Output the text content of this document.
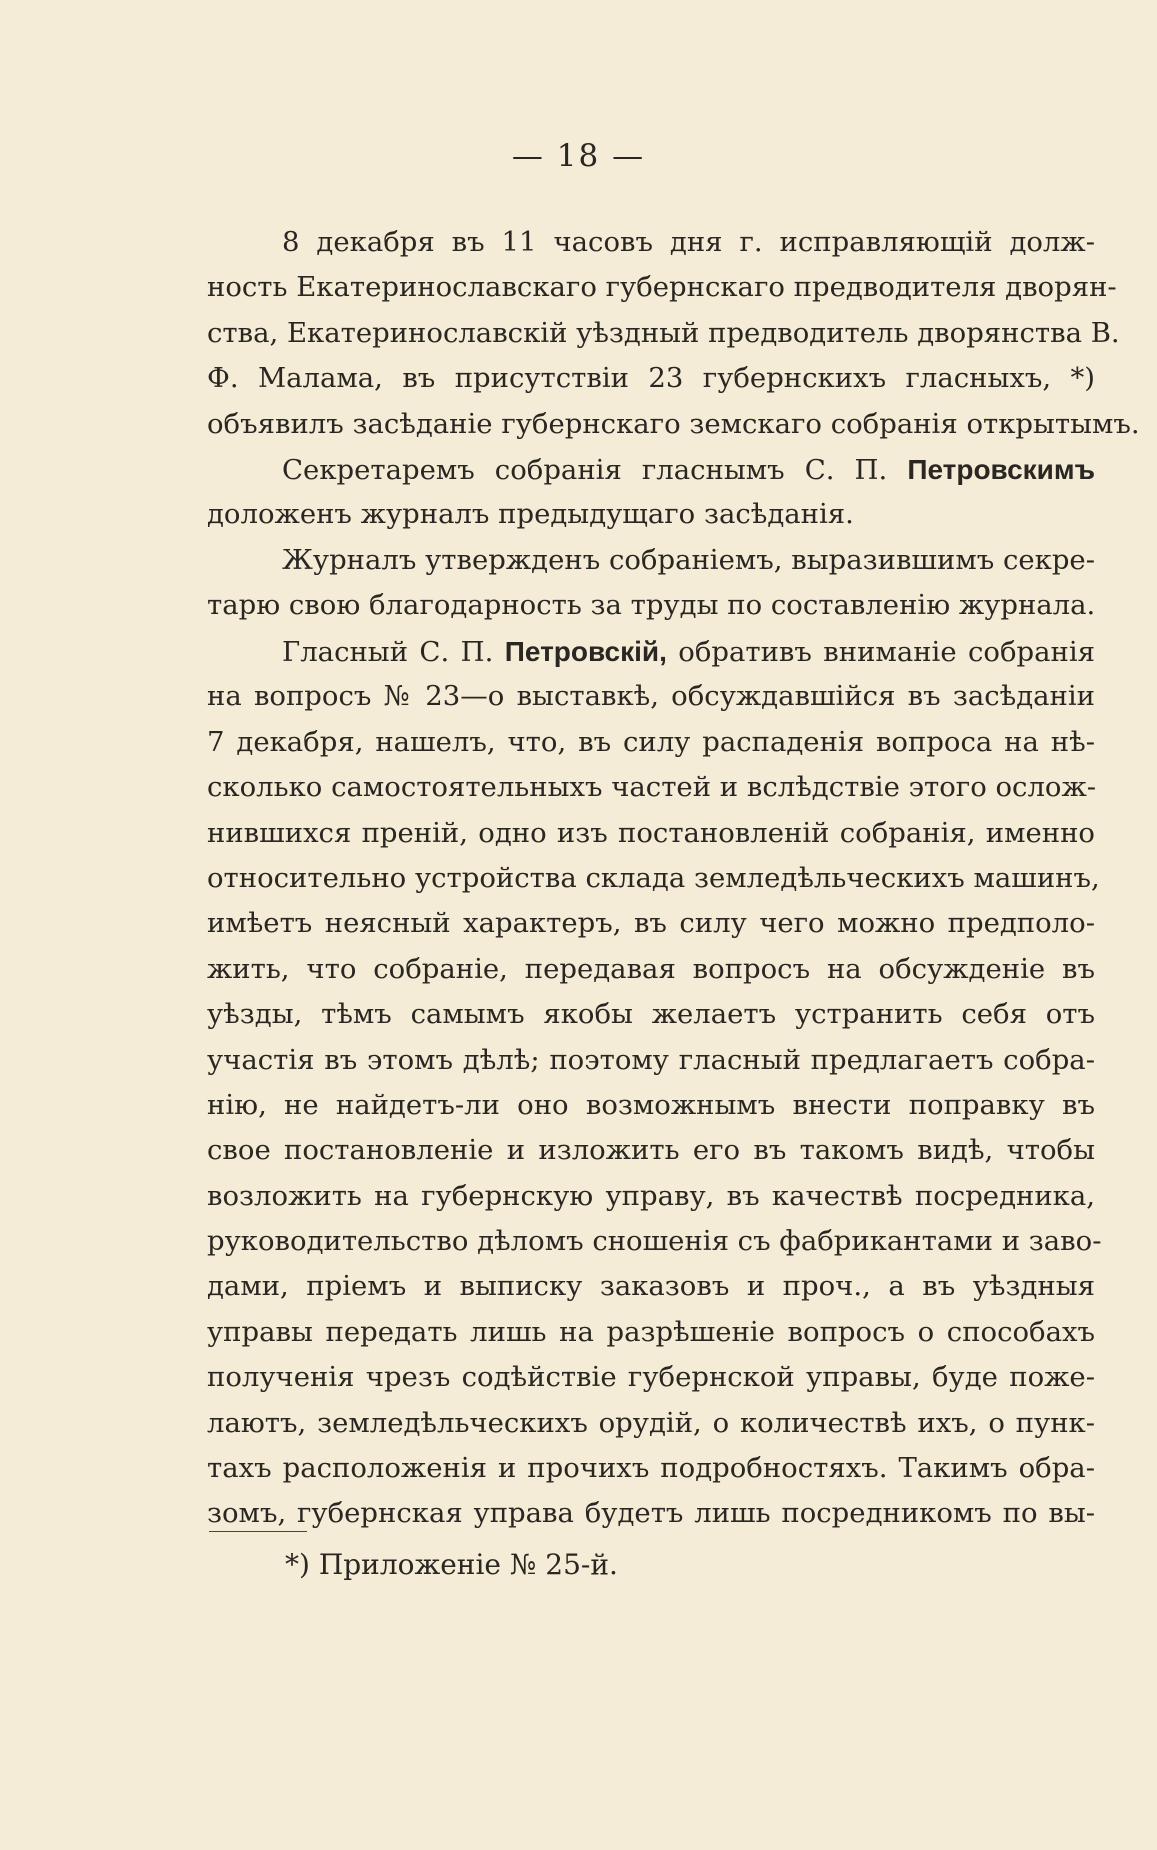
— 18 —
8 декабря въ 11 часовъ дня г. исправляющій долж-
ность Екатеринославскаго губернскаго предводителя дворян-
ства, Екатеринославскій уѣздный предводитель дворянства В.
Ф. Малама, въ присутствіи 23 губернскихъ гласныхъ, *)
объявилъ засѣданіе губернскаго земскаго собранія открытымъ.
Секретаремъ собранія гласнымъ С. П. Петровскимъ
доложенъ журналъ предыдущаго засѣданія.
Журналъ утвержденъ собраніемъ, выразившимъ секре-
тарю свою благодарность за труды по составленію журнала.
Гласный С. П. Петровскій, обративъ вниманіе собранія
на вопросъ № 23—о выставкѣ, обсуждавшійся въ засѣданіи
7 декабря, нашелъ, что, въ силу распаденія вопроса на нѣ-
сколько самостоятельныхъ частей и вслѣдствіе этого ослож-
нившихся преній, одно изъ постановленій собранія, именно
относительно устройства склада земледѣльческихъ машинъ,
имѣетъ неясный характеръ, въ силу чего можно предполо-
жить, что собраніе, передавая вопросъ на обсужденіе въ
уѣзды, тѣмъ самымъ якобы желаетъ устранить себя отъ
участія въ этомъ дѣлѣ; поэтому гласный предлагаетъ собра-
нію, не найдетъ-ли оно возможнымъ внести поправку въ
свое постановленіе и изложить его въ такомъ видѣ, чтобы
возложить на губернскую управу, въ качествѣ посредника,
руководительство дѣломъ сношенія съ фабрикантами и заво-
дами, пріемъ и выписку заказовъ и проч., а въ уѣздныя
управы передать лишь на разрѣшеніе вопросъ о способахъ
полученія чрезъ содѣйствіе губернской управы, буде поже-
лаютъ, земледѣльческихъ орудій, о количествѣ ихъ, о пунк-
тахъ расположенія и прочихъ подробностяхъ. Такимъ обра-
зомъ, губернская управа будетъ лишь посредникомъ по вы-
*) Приложеніе № 25-й.
